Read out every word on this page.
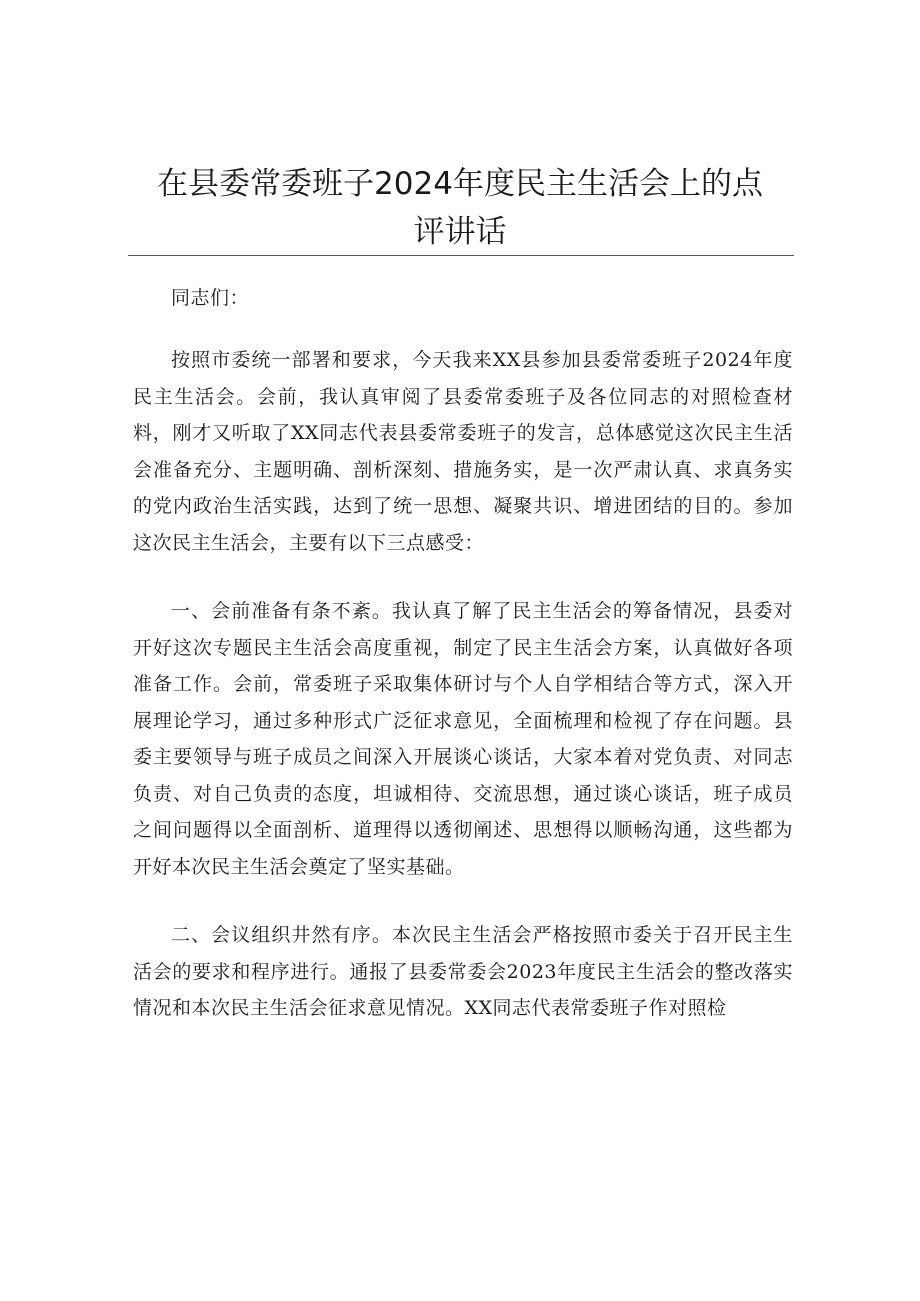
在县委常委班子2024年度民主生活会上的点
评讲话

同志们：

按照市委统一部署和要求，今天我来XX县参加县委常委班子2024年度民主生活会。会前，我认真审阅了县委常委班子及各位同志的对照检查材料，刚才又听取了XX同志代表县委常委班子的发言，总体感觉这次民主生活会准备充分、主题明确、剖析深刻、措施务实，是一次严肃认真、求真务实的党内政治生活实践，达到了统一思想、凝聚共识、增进团结的目的。参加这次民主生活会，主要有以下三点感受：

一、会前准备有条不紊。我认真了解了民主生活会的筹备情况，县委对开好这次专题民主生活会高度重视，制定了民主生活会方案，认真做好各项准备工作。会前，常委班子采取集体研讨与个人自学相结合等方式，深入开展理论学习，通过多种形式广泛征求意见，全面梳理和检视了存在问题。县委主要领导与班子成员之间深入开展谈心谈话，大家本着对党负责、对同志负责、对自己负责的态度，坦诚相待、交流思想，通过谈心谈话，班子成员之间问题得以全面剖析、道理得以透彻阐述、思想得以顺畅沟通，这些都为开好本次民主生活会奠定了坚实基础。

二、会议组织井然有序。本次民主生活会严格按照市委关于召开民主生活会的要求和程序进行。通报了县委常委会2023年度民主生活会的整改落实情况和本次民主生活会征求意见情况。XX同志代表常委班子作对照检
